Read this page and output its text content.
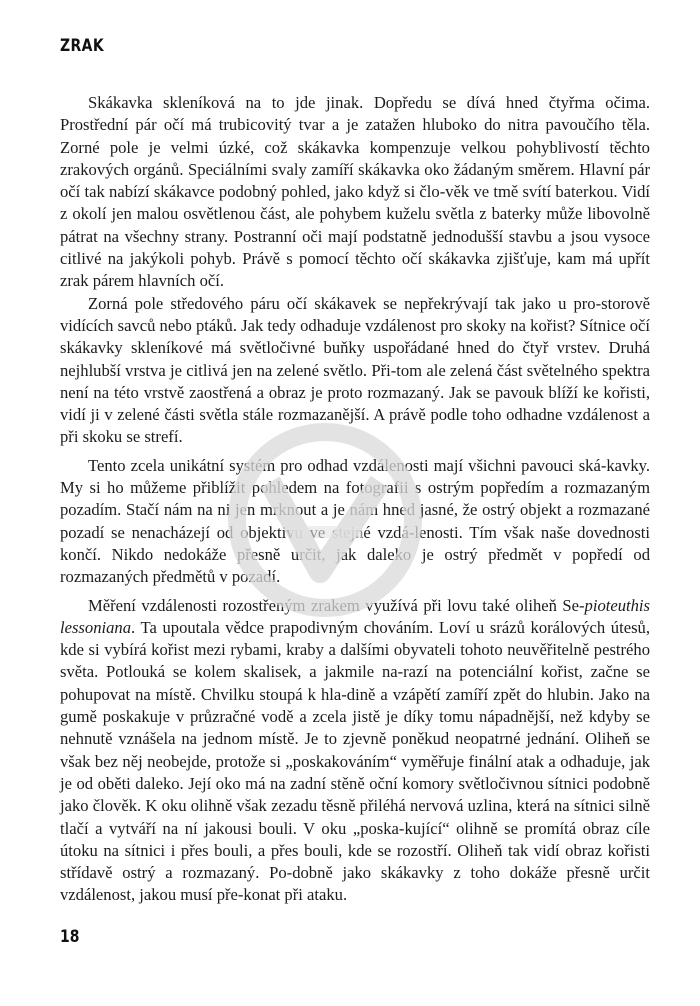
ZRAK

Skákavka skleníková na to jde jinak. Dopředu se dívá hned čtyřma očima. Prostřední pár očí má trubicovitý tvar a je zatažen hluboko do nitra pavoučího těla. Zorné pole je velmi úzké, což skákavka kompenzuje velkou pohyblivostí těchto zrakových orgánů. Speciálními svaly zamíří skákavka oko žádaným směrem. Hlavní pár očí tak nabízí skákavce podobný pohled, jako když si člo-věk ve tmě svítí baterkou. Vidí z okolí jen malou osvětlenou část, ale pohybem kuželu světla z baterky může libovolně pátrat na všechny strany. Postranní oči mají podstatně jednodušší stavbu a jsou vysoce citlivé na jakýkoli pohyb. Právě s pomocí těchto očí skákavka zjišťuje, kam má upřít zrak párem hlavních očí.

Zorná pole středového páru očí skákavek se nepřekrývají tak jako u pro-storově vidících savců nebo ptáků. Jak tedy odhaduje vzdálenost pro skoky na kořist? Sítnice očí skákavky skleníkové má světločivné buňky uspořádané hned do čtyř vrstev. Druhá nejhlubší vrstva je citlivá jen na zelené světlo. Při-tom ale zelená část světelného spektra není na této vrstvě zaostřená a obraz je proto rozmazaný. Jak se pavouk blíží ke kořisti, vidí ji v zelené části světla stále rozmazanější. A právě podle toho odhadne vzdálenost a při skoku se strefí.

Tento zcela unikátní systém pro odhad vzdálenosti mají všichni pavouci ská-kavky. My si ho můžeme přiblížit pohledem na fotografii s ostrým popředím a rozmazaným pozadím. Stačí nám na ni jen mrknout a je nám hned jasné, že ostrý objekt a rozmazané pozadí se nenacházejí od objektivu ve stejné vzdá-lenosti. Tím však naše dovednosti končí. Nikdo nedokáže přesně určit, jak daleko je ostrý předmět v popředí od rozmazaných předmětů v pozadí.

Měření vzdálenosti rozostřeným zrakem využívá při lovu také oliheň Se-pioteuthis lessoniana. Ta upoutala vědce prapodivným chováním. Loví u srázů korálových útesů, kde si vybírá kořist mezi rybami, kraby a dalšími obyvateli tohoto neuvěřitelně pestrého světa. Potlouká se kolem skalisek, a jakmile na-razí na potenciální kořist, začne se pohupovat na místě. Chvilku stoupá k hla-dině a vzápětí zamíří zpět do hlubin. Jako na gumě poskakuje v průzračné vodě a zcela jistě je díky tomu nápadnější, než kdyby se nehnutě vznášela na jednom místě. Je to zjevně poněkud neopatrné jednání. Oliheň se však bez něj neobejde, protože si „poskakováním“ vyměřuje finální atak a odhaduje, jak je od oběti daleko. Její oko má na zadní stěně oční komory světločivnou sítnici podobně jako člověk. K oku olihně však zezadu těsně přiléhá nervová uzlina, která na sítnici silně tlačí a vytváří na ní jakousi bouli. V oku „poska-kující“ olihně se promítá obraz cíle útoku na sítnici i přes bouli, a přes bouli, kde se rozostří. Oliheň tak vidí obraz kořisti střídavě ostrý a rozmazaný. Po-dobně jako skákavky z toho dokáže přesně určit vzdálenost, jakou musí pře-konat při ataku.

18
